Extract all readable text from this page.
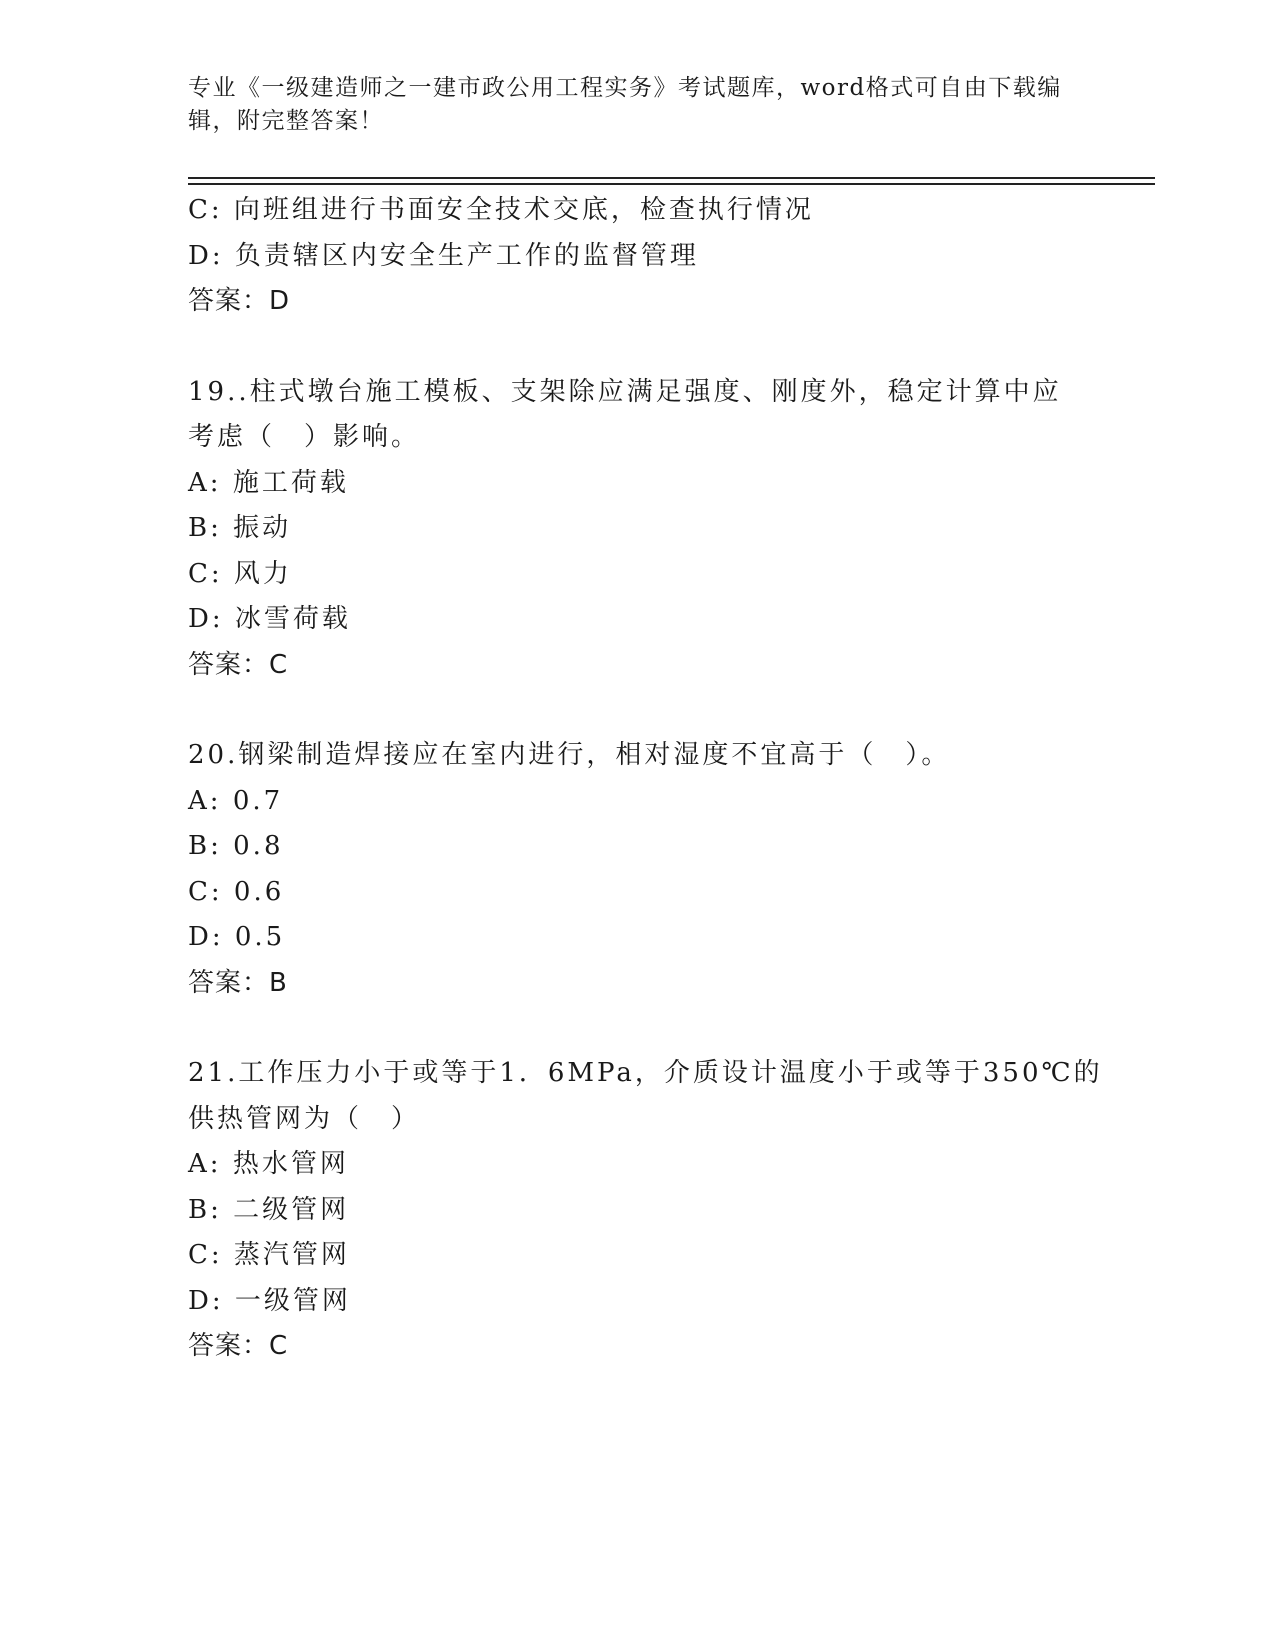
专业《一级建造师之一建市政公用工程实务》考试题库，word格式可自由下载编
辑，附完整答案！
C: 向班组进行书面安全技术交底，检查执行情况
D: 负责辖区内安全生产工作的监督管理
答案：D
19..柱式墩台施工模板、支架除应满足强度、刚度外，稳定计算中应
考虑（　）影响。
A: 施工荷载
B: 振动
C: 风力
D: 冰雪荷载
答案：C
20.钢梁制造焊接应在室内进行，相对湿度不宜高于（　）。
A: 0.7
B: 0.8
C: 0.6
D: 0.5
答案：B
21.工作压力小于或等于1．6MPa，介质设计温度小于或等于350℃的
供热管网为（　）
A: 热水管网
B: 二级管网
C: 蒸汽管网
D: 一级管网
答案：C
